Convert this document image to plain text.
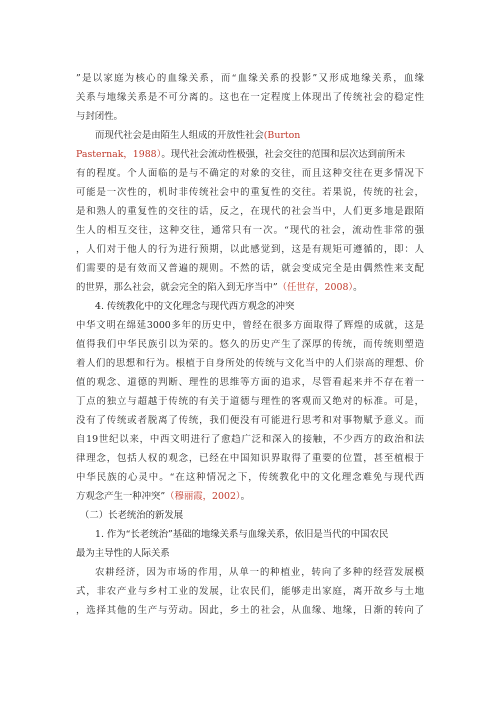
”是以家庭为核心的血缘关系，而“血缘关系的投影”又形成地缘关系，血缘
关系与地缘关系是不可分离的。这也在一定程度上体现出了传统社会的稳定性
与封闭性。
而现代社会是由陌生人组成的开放性社会(Burton
Pasternak，1988）。现代社会流动性极强，社会交往的范围和层次达到前所未
有的程度。个人面临的是与不确定的对象的交往，而且这种交往在更多情况下
可能是一次性的，机时非传统社会中的重复性的交往。若果说，传统的社会，
是和熟人的重复性的交往的话，反之，在现代的社会当中，人们更多地是跟陌
生人的相互交往，这种交往，通常只有一次。“现代的社会，流动性非常的强
，人们对于他人的行为进行预期，以此感觉到，这是有规矩可遵循的，即：人
们需要的是有效而又普遍的规则。不然的话，就会变成完全是由偶然性来支配
的世界，那么社会，就会完全的陷入到无序当中”（任世存，2008）。
4. 传统教化中的文化理念与现代西方观念的冲突
中华文明在绵延3000多年的历史中，曾经在很多方面取得了辉煌的成就，这是
值得我们中华民族引以为荣的。悠久的历史产生了深厚的传统，而传统则塑造
着人们的思想和行为。根植于自身所处的传统与文化当中的人们崇高的理想、价
值的观念、道德的判断、理性的思维等方面的追求，尽管看起来并不存在着一
丁点的独立与超越于传统的有关于道德与理性的客观而又绝对的标准。可是，
没有了传统或者脱离了传统，我们便没有可能进行思考和对事物赋予意义。而
自19世纪以来，中西文明进行了愈趋广泛和深入的接触，不少西方的政治和法
律理念，包括人权的观念，已经在中国知识界取得了重要的位置，甚至植根于
中华民族的心灵中。“在这种情况之下，传统教化中的文化理念难免与现代西
方观念产生一种冲突”（穆丽霞，2002）。
（二）长老统治的新发展
1. 作为“长老统治”基础的地缘关系与血缘关系，依旧是当代的中国农民
最为主导性的人际关系
农耕经济，因为市场的作用，从单一的种植业，转向了多种的经营发展模
式，非农产业与乡村工业的发展，让农民们，能够走出家庭，离开故乡与土地
，选择其他的生产与劳动。因此，乡土的社会，从血缘、地缘，日渐的转向了
